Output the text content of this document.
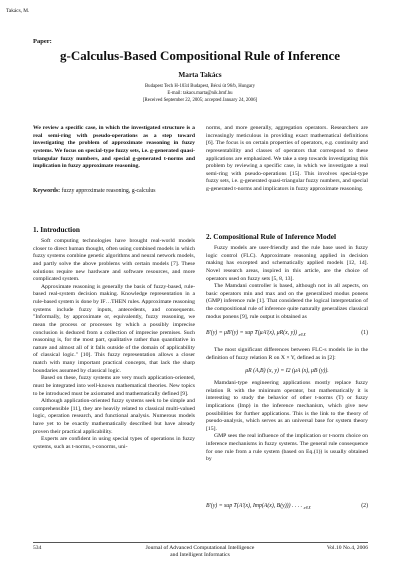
Takács, M.
Paper:
g-Calculus-Based Compositional Rule of Inference
Marta Takács
Budapest Tech H-1034 Budapest, Bécsi út 96/b, Hungary
E-mail: takacs.marta@nik.bmf.hu
[Received September 22, 2005; accepted January 24, 2006]
We review a specific case, in which the investigated structure is a real semi-ring with pseudo-operations as a step toward investigating the problem of approximate reasoning in fuzzy systems. We focus on special-type fuzzy sets, i.e. g-generated quasi-triangular fuzzy numbers, and special g-generated t-norms and implication in fuzzy approximate reasoning.
Keywords: fuzzy approximate reasoning, g-calculus
1. Introduction

Soft computing technologies have brought real-world models closer to direct human thought, often using combined models in which fuzzy systems combine genetic algorithms and neural network models, and partly solve the above problems with certain models [7]. These solutions require new hardware and software resources, and more complicated system.

Approximate reasoning is generally the basis of fuzzy-based, rule-based real-system decision making. Knowledge representation in a rule-based system is done by IF…THEN rules. Approximate reasoning systems include fuzzy inputs, antecedents, and consequents. "Informally, by approximate or, equivalently, fuzzy reasoning, we mean the process or processes by which a possibly imprecise conclusion is deduced from a collection of imprecise premises. Such reasoning is, for the most part, qualitative rather than quantitative in nature and almost all of it falls outside of the domain of applicability of classical logic." [10]. This fuzzy representation allows a closer match with many important practical concepts, that lack the sharp boundaries assumed by classical logic.

Based on these, fuzzy systems are very much application-oriented, must be integrated into well-known mathematical theories. New topics to be introduced must be axiomated and mathematically defined [9].

Although application-oriented fuzzy systems seek to be simple and comprehensible [11], they are heavily related to classical multi-valued logic, operation research, and functional analysis. Numerous models have yet to be exactly mathematically described but have already proven their practical applicability.

Experts are confident in using special types of operations in fuzzy systems, such as t-norms, t-conorms, uni-

norms, and more generally, aggregation operators. Researchers are increasingly meticulous in providing exact mathematical definitions [6]. The focus is on certain properties of operators, e.g. continuity and representability and classes of operators that correspond to these applications are emphasized. We take a step towards investigating this problem by reviewing a specific case, in which we investigate a real semi-ring with pseudo-operations [15]. This involves special-type fuzzy sets, i.e. g-generated quasi-triangular fuzzy numbers, and special g-generated t-norms and implicators in fuzzy approximate reasoning.

2. Compositional Rule of Inference Model

Fuzzy models are user-friendly and the rule base used in fuzzy logic control (FLC). Approximate reasoning applied in decision making has excepted and schematically applied models [12, 14]. Novel research areas, inspired in this article, are the choice of operators used on fuzzy sets [5, 8, 13].

The Mamdani controller is based, although not in all aspects, on basic operators min and max and on the generalized modus ponens (GMP) inference rule [1]. That considered the logical interpretation of the compositional rule of inference quite naturally generalizes classical modus ponens [9], rule output is obtained as

B′(y) = μB′(y) = sup T(μA′(x), μR(x, y)) $_{x\in X}$	(1)

The most significant differences between FLC-s models lie in the definition of fuzzy relation R on X × Y, defined as in [2]:

μR (A,B) (x, y) = I2 (μA (x), μB (y)).

Mamdani-type engineering applications mostly replace fuzzy relation R with the minimum operator, but mathematically it is interesting to study the behavior of other t-norms (T) or fuzzy implications (Imp) in the inference mechanism, which give new possibilities for further applications. This is the link to the theory of pseudo-analysis, which serves as an universal base for system theory [15].

GMP sees the real influence of the implication or t-norm choice on inference mechanisms in fuzzy systems. The general rule consequence for one rule from a rule system (based on Eq.(1)) is usually obtained by

B′(y) = sup T(A′(x), Imp(A(x), B(y))) . . . . $_{x\in X}$	(2)
534	Journal of Advanced Computational Intelligence
and Intelligent Informatics
Vol.10 No.4, 2006
